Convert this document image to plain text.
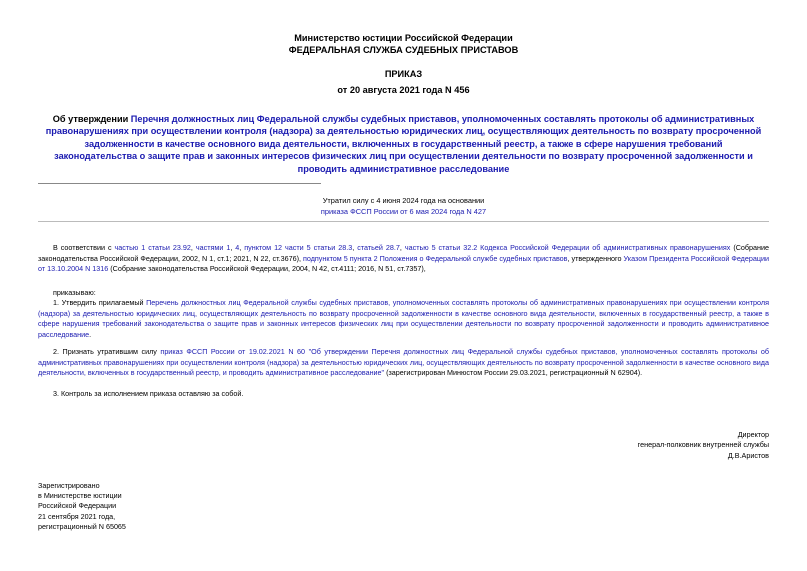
Министерство юстиции Российской Федерации
ФЕДЕРАЛЬНАЯ СЛУЖБА СУДЕБНЫХ ПРИСТАВОВ
ПРИКАЗ
от 20 августа 2021 года N 456
Об утверждении Перечня должностных лиц Федеральной службы судебных приставов, уполномоченных составлять протоколы об административных правонарушениях при осуществлении контроля (надзора) за деятельностью юридических лиц, осуществляющих деятельность по возврату просроченной задолженности в качестве основного вида деятельности, включенных в государственный реестр, а также в сфере нарушения требований законодательства о защите прав и законных интересов физических лиц при осуществлении деятельности по возврату просроченной задолженности и проводить административное расследование
Утратил силу с 4 июня 2024 года на основании
приказа ФССП России от 6 мая 2024 года N 427
В соответствии с частью 1 статьи 23.92, частями 1, 4, пунктом 12 части 5 статьи 28.3, статьей 28.7, частью 5 статьи 32.2 Кодекса Российской Федерации об административных правонарушениях (Собрание законодательства Российской Федерации, 2002, N 1, ст.1; 2021, N 22, ст.3676), подпунктом 5 пункта 2 Положения о Федеральной службе судебных приставов, утвержденного Указом Президента Российской Федерации от 13.10.2004 N 1316 (Собрание законодательства Российской Федерации, 2004, N 42, ст.4111; 2016, N 51, ст.7357),
приказываю:
1. Утвердить прилагаемый Перечень должностных лиц Федеральной службы судебных приставов, уполномоченных составлять протоколы об административных правонарушениях при осуществлении контроля (надзора) за деятельностью юридических лиц, осуществляющих деятельность по возврату просроченной задолженности в качестве основного вида деятельности, включенных в государственный реестр, а также в сфере нарушения требований законодательства о защите прав и законных интересов физических лиц при осуществлении деятельности по возврату просроченной задолженности и проводить административное расследование.
2. Признать утратившим силу приказ ФССП России от 19.02.2021 N 60 "Об утверждении Перечня должностных лиц Федеральной службы судебных приставов, уполномоченных составлять протоколы об административных правонарушениях при осуществлении контроля (надзора) за деятельностью юридических лиц, осуществляющих деятельность по возврату просроченной задолженности в качестве основного вида деятельности, включенных в государственный реестр, и проводить административное расследование" (зарегистрирован Минюстом России 29.03.2021, регистрационный N 62904).
3. Контроль за исполнением приказа оставляю за собой.
Директор
генерал-полковник внутренней службы
Д.В.Аристов
Зарегистрировано
в Министерстве юстиции
Российской Федерации
21 сентября 2021 года,
регистрационный N 65065
